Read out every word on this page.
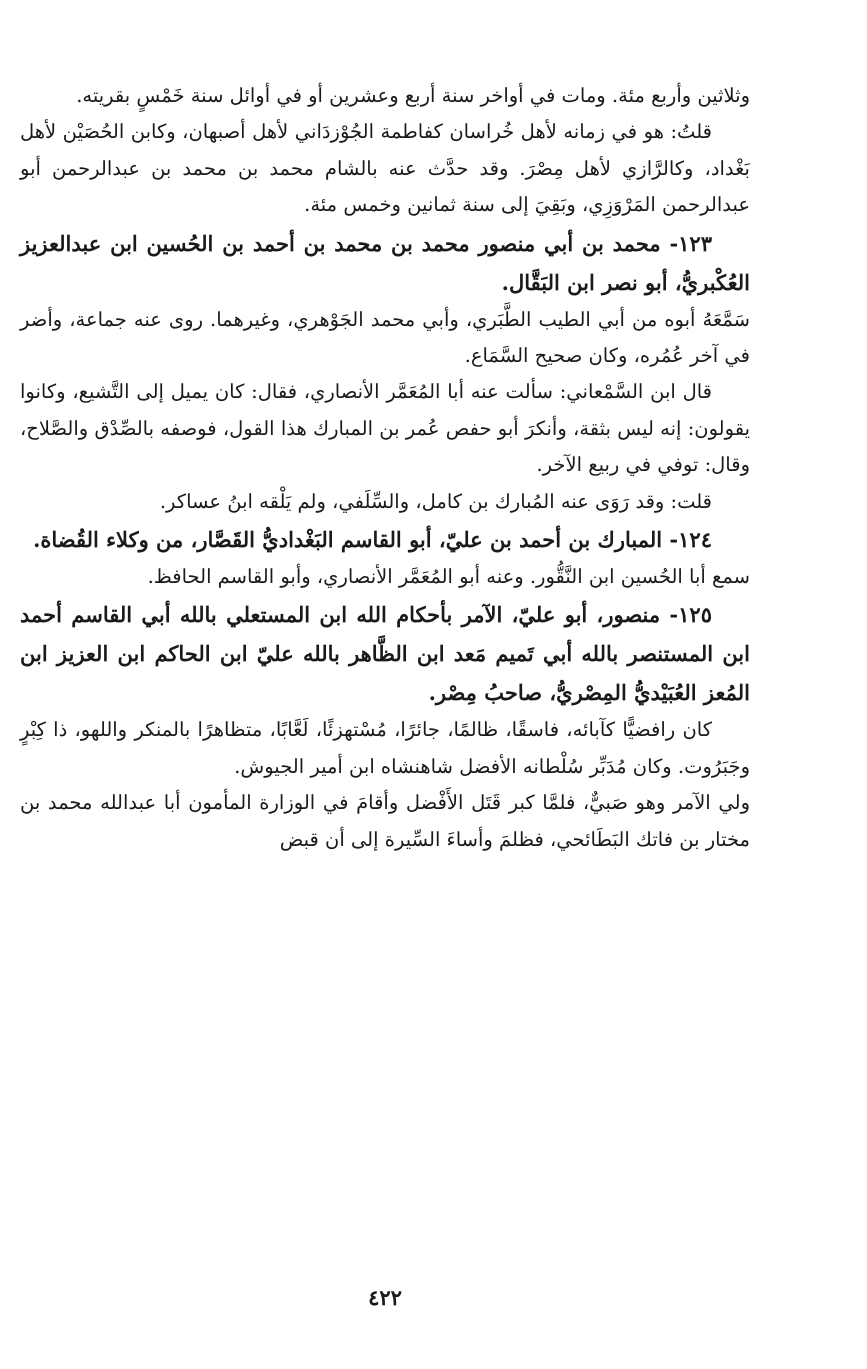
وثلاثين وأربع مئة. ومات في أواخر سنة أربع وعشرين أو في أوائل سنة خَمْسٍ بقريته.

قلتُ: هو في زمانه لأهل خُراسان كفاطمة الجُوْزدَاني لأهل أصبهان، وكابن الحُصَيْن لأهل بَغْداد، وكالرَّازي لأهل مِصْرَ. وقد حدَّث عنه بالشام محمد بن محمد بن عبدالرحمن أبو عبدالرحمن المَرْوَزِي، وبَقِيَ إلى سنة ثمانين وخمس مئة.

١٢٣- محمد بن أبي منصور محمد بن محمد بن أحمد بن الحُسين ابن عبدالعزيز العُكْبريُّ، أبو نصر ابن البَقَّال.

سَمَّعَهُ أبوه من أبي الطيب الطَّبَري، وأبي محمد الجَوْهري، وغيرهما. روى عنه جماعة، وأضر في آخر عُمُره، وكان صحيح السَّمَاع.

قال ابن السَّمْعاني: سألت عنه أبا المُعَمَّر الأنصاري، فقال: كان يميل إلى التَّشيع، وكانوا يقولون: إنه ليس بثقة، وأنكرَ أبو حفص عُمر بن المبارك هذا القول، فوصفه بالصِّدْق والصَّلاح، وقال: توفي في ربيع الآخر.

قلت: وقد رَوَى عنه المُبارك بن كامل، والسِّلَفي، ولم يَلْقه ابنُ عساكر.

١٢٤- المبارك بن أحمد بن عليّ، أبو القاسم البَغْداديُّ القَصَّار، من وكلاء القُضاة.

سمع أبا الحُسين ابن النَّقُّور. وعنه أبو المُعَمَّر الأنصاري، وأبو القاسم الحافظ.

١٢٥- منصور، أبو عليّ، الآمر بأحكام الله ابن المستعلي بالله أبي القاسم أحمد ابن المستنصر بالله أبي تَميم مَعد ابن الظَّاهر بالله عليّ ابن الحاكم ابن العزيز ابن المُعز العُبَيْديُّ المِصْريُّ، صاحبُ مِصْر.

كان رافضيًّا كآبائه، فاسقًا، ظالمًا، جائرًا، مُسْتهزئًا، لَعَّابًا، متظاهرًا بالمنكر واللهو، ذا كِبْرٍ وجَبَرُوت. وكان مُدَبِّر سُلْطانه الأفضل شاهنشاه ابن أمير الجيوش.

ولي الآمر وهو صَبيٌّ، فلمَّا كبر قَتَل الأَفْضل وأقامَ في الوزارة المأمون أبا عبدالله محمد بن مختار بن فاتك البَطَائحي، فظلمَ وأساءَ السِّيرة إلى أن قبض

٤٢٢
